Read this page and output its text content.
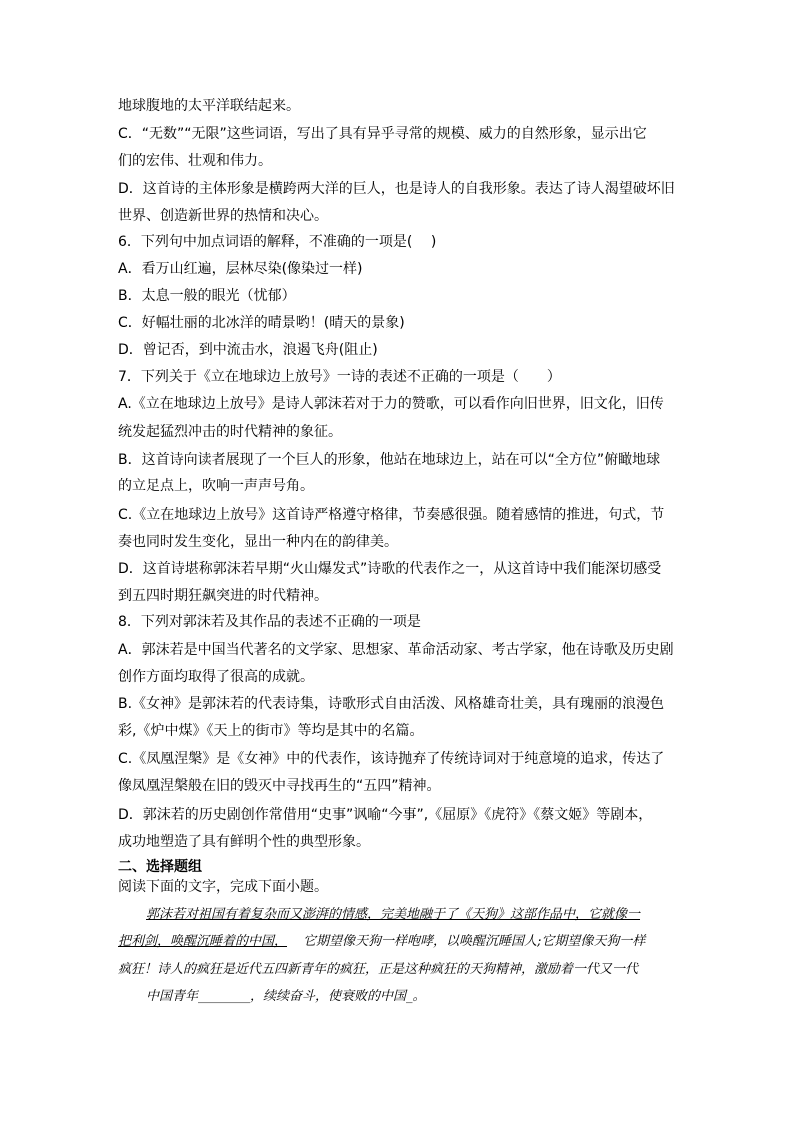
地球腹地的太平洋联结起来。
C．“无数”“无限”这些词语，写出了具有异乎寻常的规模、威力的自然形象，显示出它
们的宏伟、壮观和伟力。
D．这首诗的主体形象是横跨两大洋的巨人，也是诗人的自我形象。表达了诗人渴望破坏旧
世界、创造新世界的热情和决心。
6．下列句中加点词语的解释，不准确的一项是(　 )
A．看万山红遍，层林尽染(像染过一样)
B．太息一般的眼光（忧郁）
C．好幅壮丽的北冰洋的晴景哟！(晴天的景象)
D．曾记否，到中流击水，浪遏飞舟(阻止)
7．下列关于《立在地球边上放号》一诗的表述不正确的一项是（　　）
A.《立在地球边上放号》是诗人郭沫若对于力的赞歌，可以看作向旧世界，旧文化，旧传
统发起猛烈冲击的时代精神的象征。
B．这首诗向读者展现了一个巨人的形象，他站在地球边上，站在可以“全方位”俯瞰地球
的立足点上，吹响一声声号角。
C.《立在地球边上放号》这首诗严格遵守格律，节奏感很强。随着感情的推进，句式，节
奏也同时发生变化，显出一种内在的韵律美。
D．这首诗堪称郭沫若早期“火山爆发式”诗歌的代表作之一，从这首诗中我们能深切感受
到五四时期狂飙突进的时代精神。
8．下列对郭沫若及其作品的表述不正确的一项是
A．郭沫若是中国当代著名的文学家、思想家、革命活动家、考古学家，他在诗歌及历史剧
创作方面均取得了很高的成就。
B.《女神》是郭沫若的代表诗集，诗歌形式自由活泼、风格雄奇壮美，具有瑰丽的浪漫色
彩,《炉中煤》《天上的街市》等均是其中的名篇。
C.《凤凰涅槃》是《女神》中的代表作，该诗抛弃了传统诗词对于纯意境的追求，传达了
像凤凰涅槃般在旧的毁灭中寻找再生的“五四”精神。
D．郭沫若的历史剧创作常借用“史事”讽喻“今事”,《屈原》《虎符》《蔡文姬》等剧本，
成功地塑造了具有鲜明个性的典型形象。
二、选择题组
阅读下面的文字，完成下面小题。
郭沫若对祖国有着复杂而又澎湃的情感，完美地融于了《天狗》这部作品中，它就像一
把利剑，唤醒沉睡着的中国， 它期望像天狗一样咆哮，以唤醒沉睡国人;它期望像天狗一样
疯狂！诗人的疯狂是近代五四新青年的疯狂，正是这种疯狂的天狗精神，激励着一代又一代
中国青年________，续续奋斗，使衰败的中国_。
